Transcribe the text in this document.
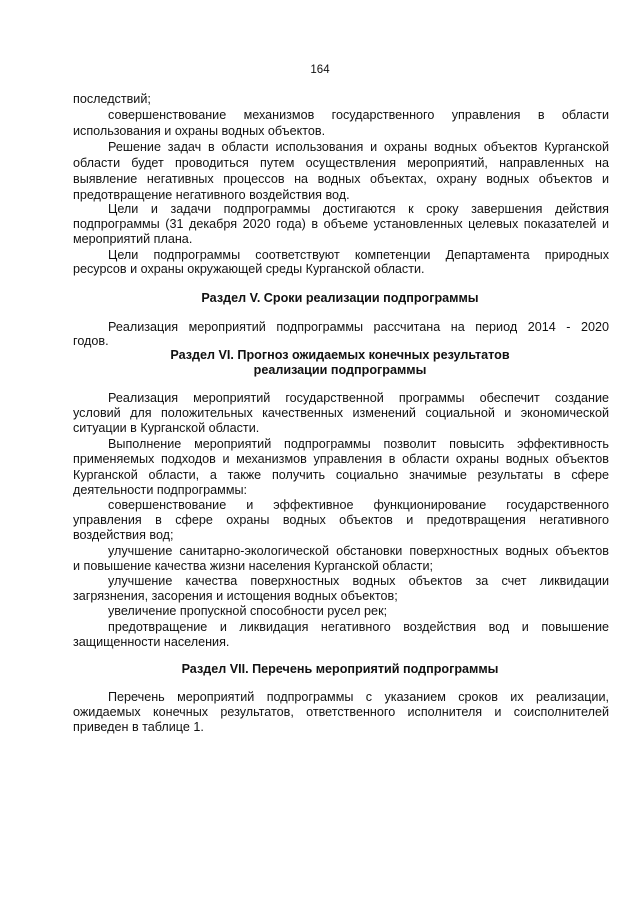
164
последствий;
совершенствование механизмов государственного управления в области
использования и охраны водных объектов.
Решение задач в области использования и охраны водных объектов Курганской
области будет проводиться путем осуществления мероприятий, направленных на
выявление негативных процессов на водных объектах, охрану водных объектов и
предотвращение негативного воздействия вод.
Цели и задачи подпрограммы достигаются к сроку завершения действия
подпрограммы (31 декабря 2020 года) в объеме установленных целевых показателей и
мероприятий плана.
Цели подпрограммы соответствуют компетенции Департамента природных
ресурсов и охраны окружающей среды Курганской области.
Раздел V. Сроки реализации подпрограммы
Реализация мероприятий подпрограммы рассчитана на период 2014 - 2020
годов.
Раздел VI. Прогноз ожидаемых конечных результатов
реализации подпрограммы
Реализация мероприятий государственной программы обеспечит создание
условий для положительных качественных изменений социальной и экономической
ситуации в Курганской области.
Выполнение мероприятий подпрограммы позволит повысить эффективность
применяемых подходов и механизмов управления в области охраны водных объектов
Курганской области, а также получить социально значимые результаты в сфере
деятельности подпрограммы:
совершенствование и эффективное функционирование государственного
управления в сфере охраны водных объектов и предотвращения негативного
воздействия вод;
улучшение санитарно-экологической обстановки поверхностных водных объектов
и повышение качества жизни населения Курганской области;
улучшение качества поверхностных водных объектов за счет ликвидации
загрязнения, засорения и истощения водных объектов;
увеличение пропускной способности русел рек;
предотвращение и ликвидация негативного воздействия вод и повышение
защищенности населения.
Раздел VII. Перечень мероприятий подпрограммы
Перечень мероприятий подпрограммы с указанием сроков их реализации,
ожидаемых конечных результатов, ответственного исполнителя и соисполнителей
приведен в таблице 1.
